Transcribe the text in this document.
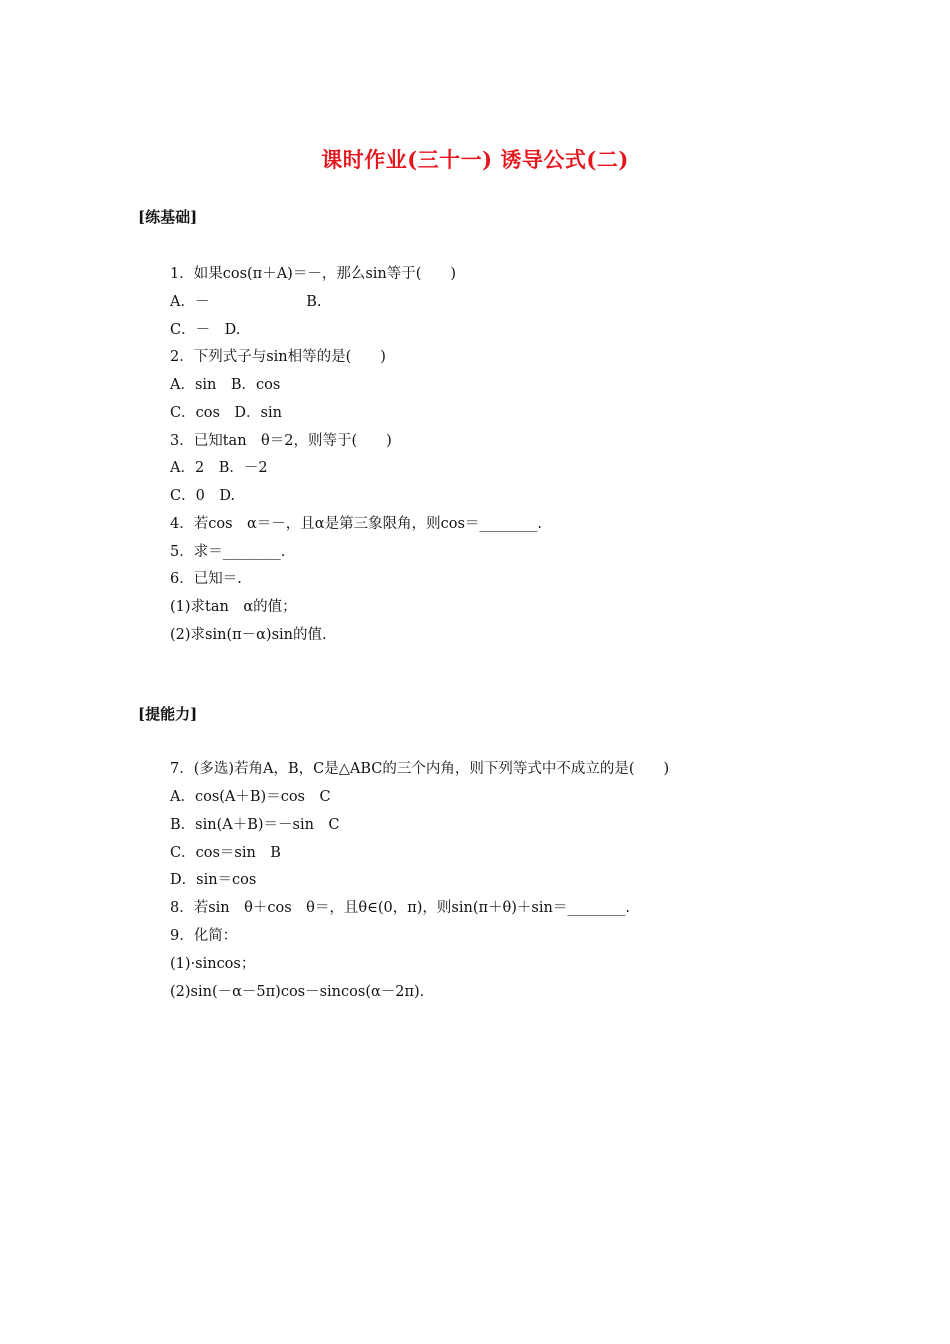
课时作业(三十一) 诱导公式(二)
[练基础]
1．如果cos(π＋A)＝－，那么sin等于(　　)
A．－                     B.
C．－　D.
2．下列式子与sin相等的是(　　)
A．sin　B．cos
C．cos　D．sin
3．已知tan　θ＝2，则等于(　　)
A．2　B．－2
C．0　D.
4．若cos　α＝－，且α是第三象限角，则cos＝________.
5．求＝________.
6．已知＝.
(1)求tan　α的值；
(2)求sin(π－α)sin的值.
[提能力]
7．(多选)若角A，B，C是△ABC的三个内角，则下列等式中不成立的是(　　)
A．cos(A＋B)＝cos　C
B．sin(A＋B)＝－sin　C
C．cos＝sin　B
D．sin＝cos
8．若sin　θ＋cos　θ＝，且θ∈(0，π)，则sin(π＋θ)＋sin＝________.
9．化简：
(1)·sincos；
(2)sin(－α－5π)cos－sincos(α－2π).
